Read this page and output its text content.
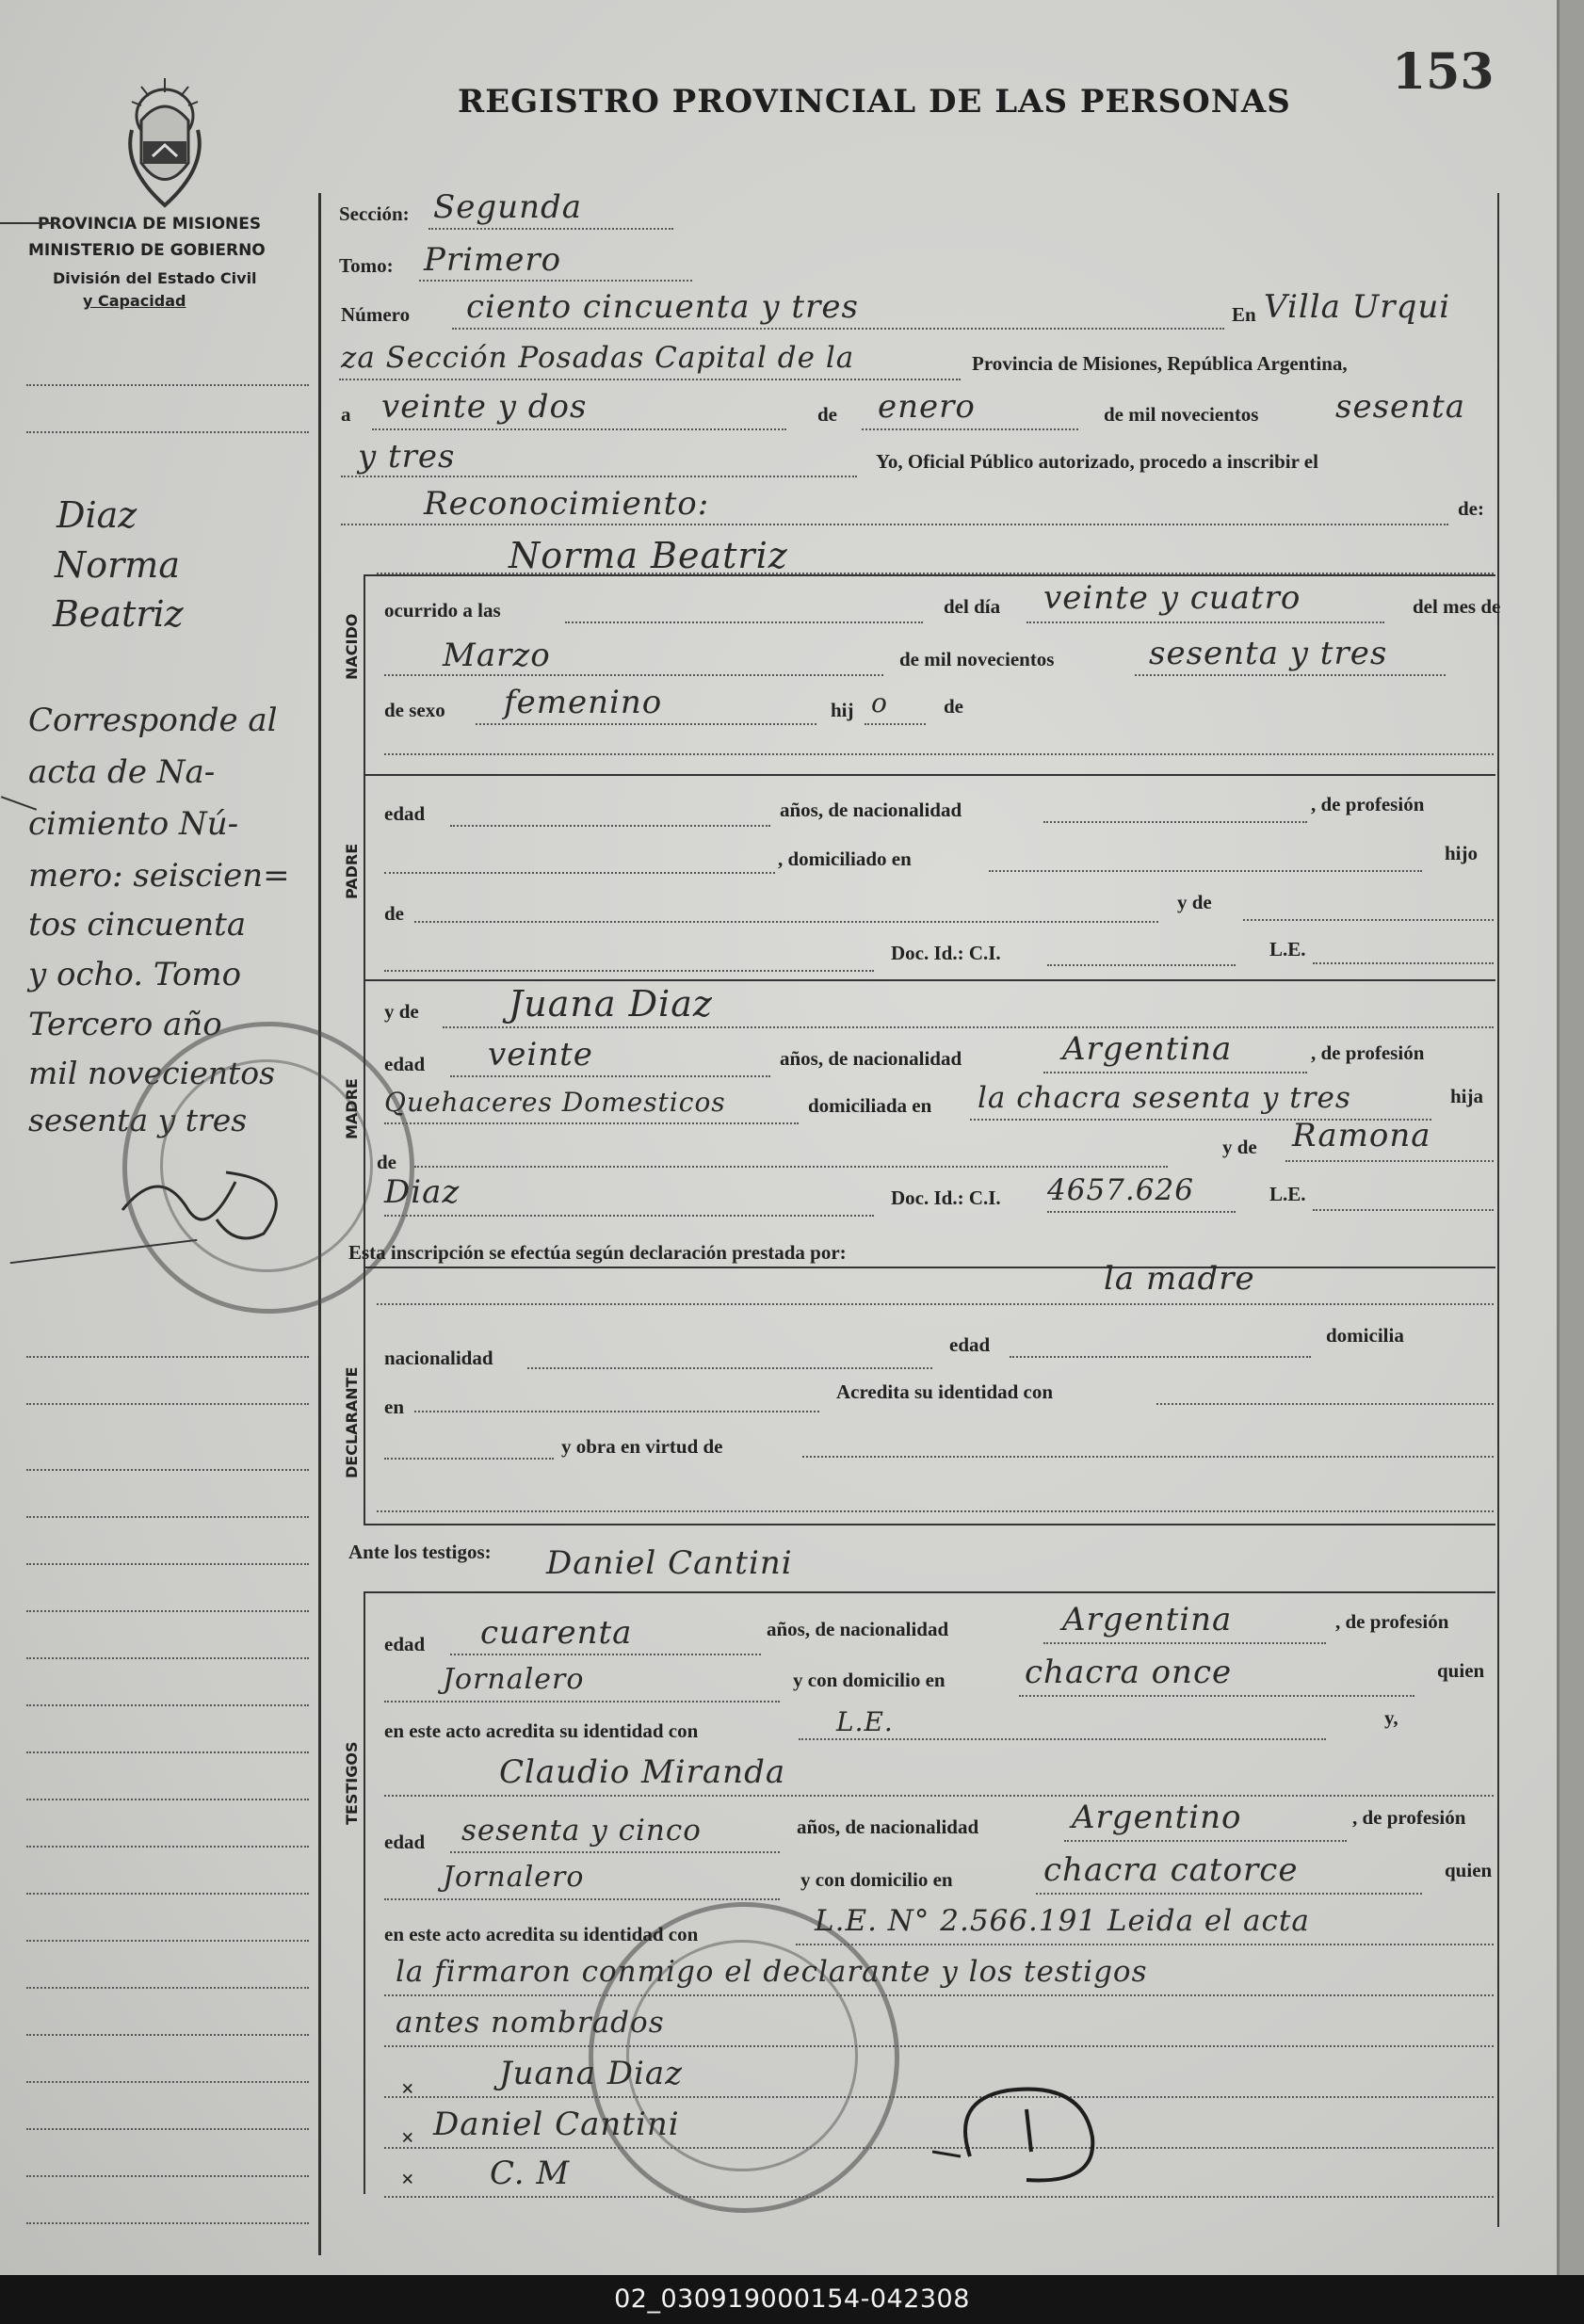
153
REGISTRO PROVINCIAL DE LAS PERSONAS
PROVINCIA DE MISIONES
MINISTERIO DE GOBIERNO
División del Estado Civil
y Capacidad
Diaz
Norma
Beatriz
Corresponde al
acta de Na-
cimiento Nú-
mero: seiscien=
tos cincuenta
y ocho. Tomo
Tercero año
mil novecientos
sesenta y tres
NACIDO
PADRE
MADRE
DECLARANTE
TESTIGOS
Sección: Segunda
Tomo: Primero
Número ciento cincuenta y tres	En Villa Urqui
za Sección Posadas Capital de la	Provincia de Misiones, República Argentina,
a veinte y dos	de enero	de mil novecientos sesenta
y tres	Yo, Oficial Público autorizado, procedo a inscribir el
Reconocimiento:	de:
Norma Beatriz
ocurrido a las	del día veinte y cuatro	del mes de
Marzo	de mil novecientos	sesenta y tres
de sexo femenino	hij o	de
edad	años, de nacionalidad	, de profesión
, domiciliado en	hijo
de	y de
Doc. Id.: C.I.	L.E.
y de	Juana Diaz
edad veinte	años, de nacionalidad	Argentina	, de profesión
Quehaceres Domesticos	domiciliada en la chacra sesenta y tres	hija
de
y de Ramona
Diaz	Doc. Id.: C.I. 4657.626	L.E.
Esta inscripción se efectúa según declaración prestada por:
la madre
nacionalidad
edad	domicilia
en
Acredita su identidad con
y obra en virtud de
Ante los testigos: Daniel Cantini
edad cuarenta	años, de nacionalidad	Argentina	, de profesión
Jornalero	y con domicilio en chacra once	quien
en este acto acredita su identidad con	L.E.	y,
Claudio Miranda
edad sesenta y cinco	años, de nacionalidad	Argentino	, de profesión
Jornalero	y con domicilio en	chacra catorce	quien
en este acto acredita su identidad con	L.E. N° 2.566.191 Leida el acta
la firmaron conmigo el declarante y los testigos
antes nombrados
×	Juana Diaz
× Daniel Cantini
× C. M
02_030919000154-042308
